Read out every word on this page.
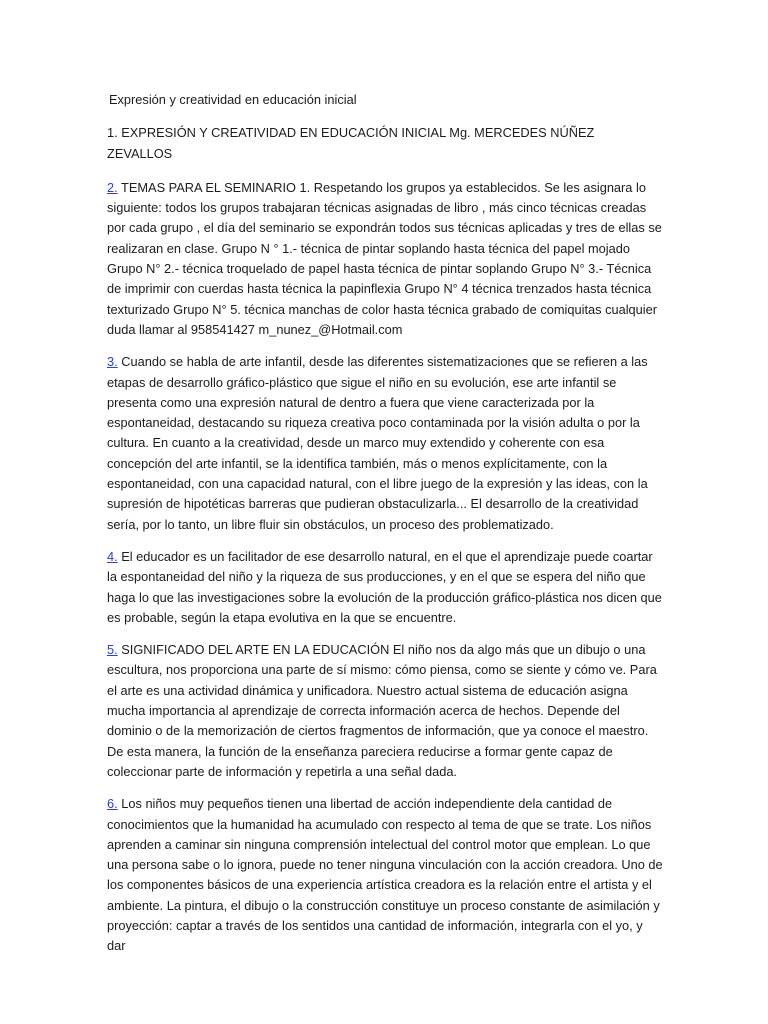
Expresión y creatividad en educación inicial

1. EXPRESIÓN Y CREATIVIDAD EN EDUCACIÓN INICIAL Mg. MERCEDES NÚÑEZ ZEVALLOS

2. TEMAS PARA EL SEMINARIO 1. Respetando los grupos ya establecidos. Se les asignara lo siguiente: todos los grupos trabajaran técnicas asignadas de libro , más cinco técnicas creadas por cada grupo , el día del seminario se expondrán todos sus técnicas aplicadas y tres de ellas se realizaran en clase. Grupo N ° 1.- técnica de pintar soplando hasta técnica del papel mojado Grupo N° 2.- técnica troquelado de papel hasta técnica de pintar soplando Grupo N° 3.- Técnica de imprimir con cuerdas hasta técnica la papinflexia Grupo N° 4 técnica trenzados hasta técnica texturizado Grupo N° 5. técnica manchas de color hasta técnica grabado de comiquitas cualquier duda llamar al 958541427 m_nunez_@Hotmail.com

3. Cuando se habla de arte infantil, desde las diferentes sistematizaciones que se refieren a las etapas de desarrollo gráfico-plástico que sigue el niño en su evolución, ese arte infantil se presenta como una expresión natural de dentro a fuera que viene caracterizada por la espontaneidad, destacando su riqueza creativa poco contaminada por la visión adulta o por la cultura. En cuanto a la creatividad, desde un marco muy extendido y coherente con esa concepción del arte infantil, se la identifica también, más o menos explícitamente, con la espontaneidad, con una capacidad natural, con el libre juego de la expresión y las ideas, con la supresión de hipotéticas barreras que pudieran obstaculizarla... El desarrollo de la creatividad sería, por lo tanto, un libre fluir sin obstáculos, un proceso des problematizado.

4. El educador es un facilitador de ese desarrollo natural, en el que el aprendizaje puede coartar la espontaneidad del niño y la riqueza de sus producciones, y en el que se espera del niño que haga lo que las investigaciones sobre la evolución de la producción gráfico-plástica nos dicen que es probable, según la etapa evolutiva en la que se encuentre.

5. SIGNIFICADO DEL ARTE EN LA EDUCACIÓN El niño nos da algo más que un dibujo o una escultura, nos proporciona una parte de sí mismo: cómo piensa, como se siente y cómo ve. Para el arte es una actividad dinámica y unificadora. Nuestro actual sistema de educación asigna mucha importancia al aprendizaje de correcta información acerca de hechos. Depende del dominio o de la memorización de ciertos fragmentos de información, que ya conoce el maestro. De esta manera, la función de la enseñanza pareciera reducirse a formar gente capaz de coleccionar parte de información y repetirla a una señal dada.

6. Los niños muy pequeños tienen una libertad de acción independiente dela cantidad de conocimientos que la humanidad ha acumulado con respecto al tema de que se trate. Los niños aprenden a caminar sin ninguna comprensión intelectual del control motor que emplean. Lo que una persona sabe o lo ignora, puede no tener ninguna vinculación con la acción creadora. Uno de los componentes básicos de una experiencia artística creadora es la relación entre el artista y el ambiente. La pintura, el dibujo o la construcción constituye un proceso constante de asimilación y proyección: captar a través de los sentidos una cantidad de información, integrarla con el yo, y dar
